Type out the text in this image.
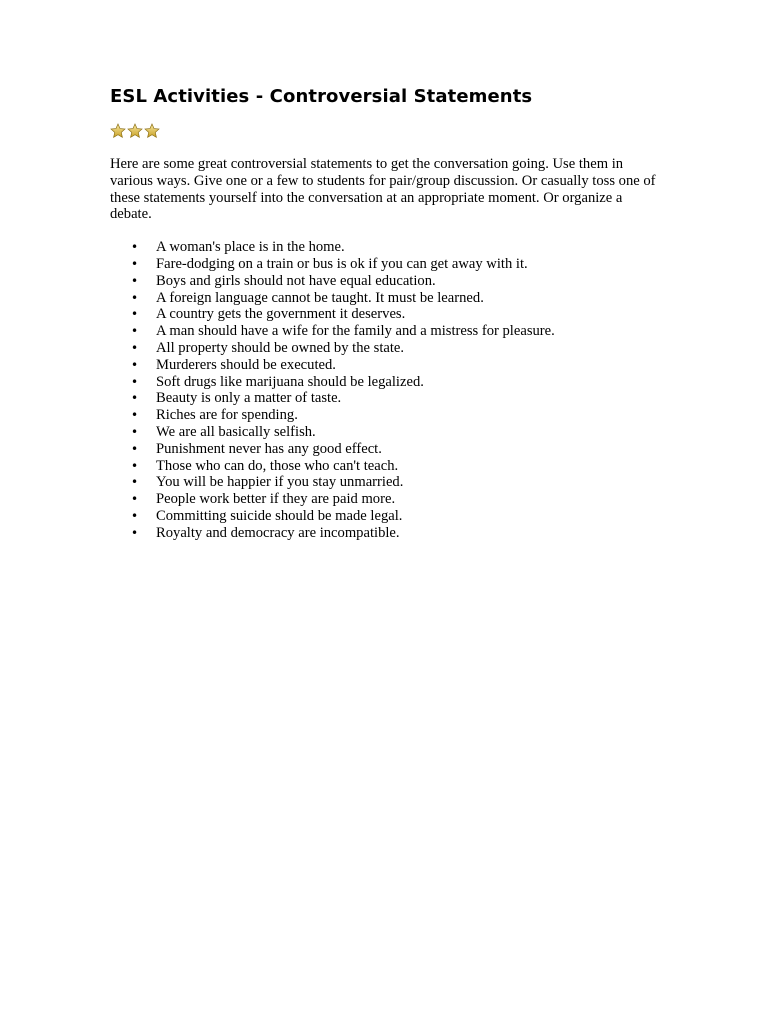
ESL Activities - Controversial Statements

Here are some great controversial statements to get the conversation going. Use them in various ways. Give one or a few to students for pair/group discussion. Or casually toss one of these statements yourself into the conversation at an appropriate moment. Or organize a debate.

• A woman's place is in the home.
• Fare-dodging on a train or bus is ok if you can get away with it.
• Boys and girls should not have equal education.
• A foreign language cannot be taught. It must be learned.
• A country gets the government it deserves.
• A man should have a wife for the family and a mistress for pleasure.
• All property should be owned by the state.
• Murderers should be executed.
• Soft drugs like marijuana should be legalized.
• Beauty is only a matter of taste.
• Riches are for spending.
• We are all basically selfish.
• Punishment never has any good effect.
• Those who can do, those who can't teach.
• You will be happier if you stay unmarried.
• People work better if they are paid more.
• Committing suicide should be made legal.
• Royalty and democracy are incompatible.
